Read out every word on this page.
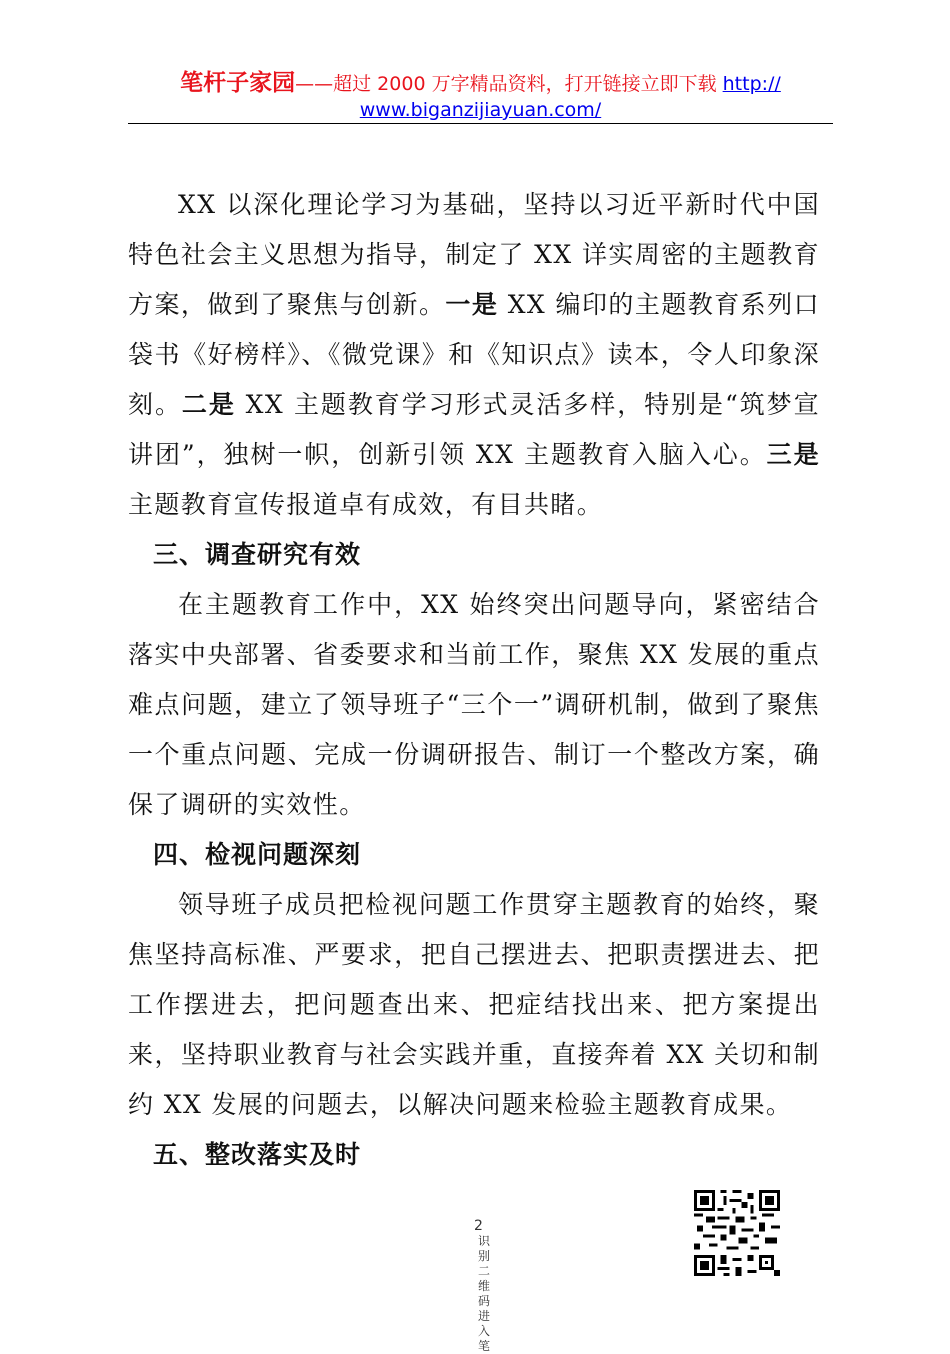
笔杆子家园——超过 2000 万字精品资料，打开链接立即下载 http://
www.biganzijiayuan.com/

XX 以深化理论学习为基础，坚持以习近平新时代中国特色社会主义思想为指导，制定了 XX 详实周密的主题教育方案，做到了聚焦与创新。一是 XX 编印的主题教育系列口袋书《好榜样》、《微党课》和《知识点》读本，令人印象深刻。二是 XX 主题教育学习形式灵活多样，特别是“筑梦宣讲团”，独树一帜，创新引领 XX 主题教育入脑入心。三是主题教育宣传报道卓有成效，有目共睹。

三、调查研究有效

在主题教育工作中，XX 始终突出问题导向，紧密结合落实中央部署、省委要求和当前工作，聚焦 XX 发展的重点难点问题，建立了领导班子“三个一”调研机制，做到了聚焦一个重点问题、完成一份调研报告、制订一个整改方案，确保了调研的实效性。

四、检视问题深刻

领导班子成员把检视问题工作贯穿主题教育的始终，聚焦坚持高标准、严要求，把自己摆进去、把职责摆进去、把工作摆进去，把问题查出来、把症结找出来、把方案提出来，坚持职业教育与社会实践并重，直接奔着 XX 关切和制约 XX 发展的问题去，以解决问题来检验主题教育成果。

五、整改落实及时
2
识别二维码进入笔
